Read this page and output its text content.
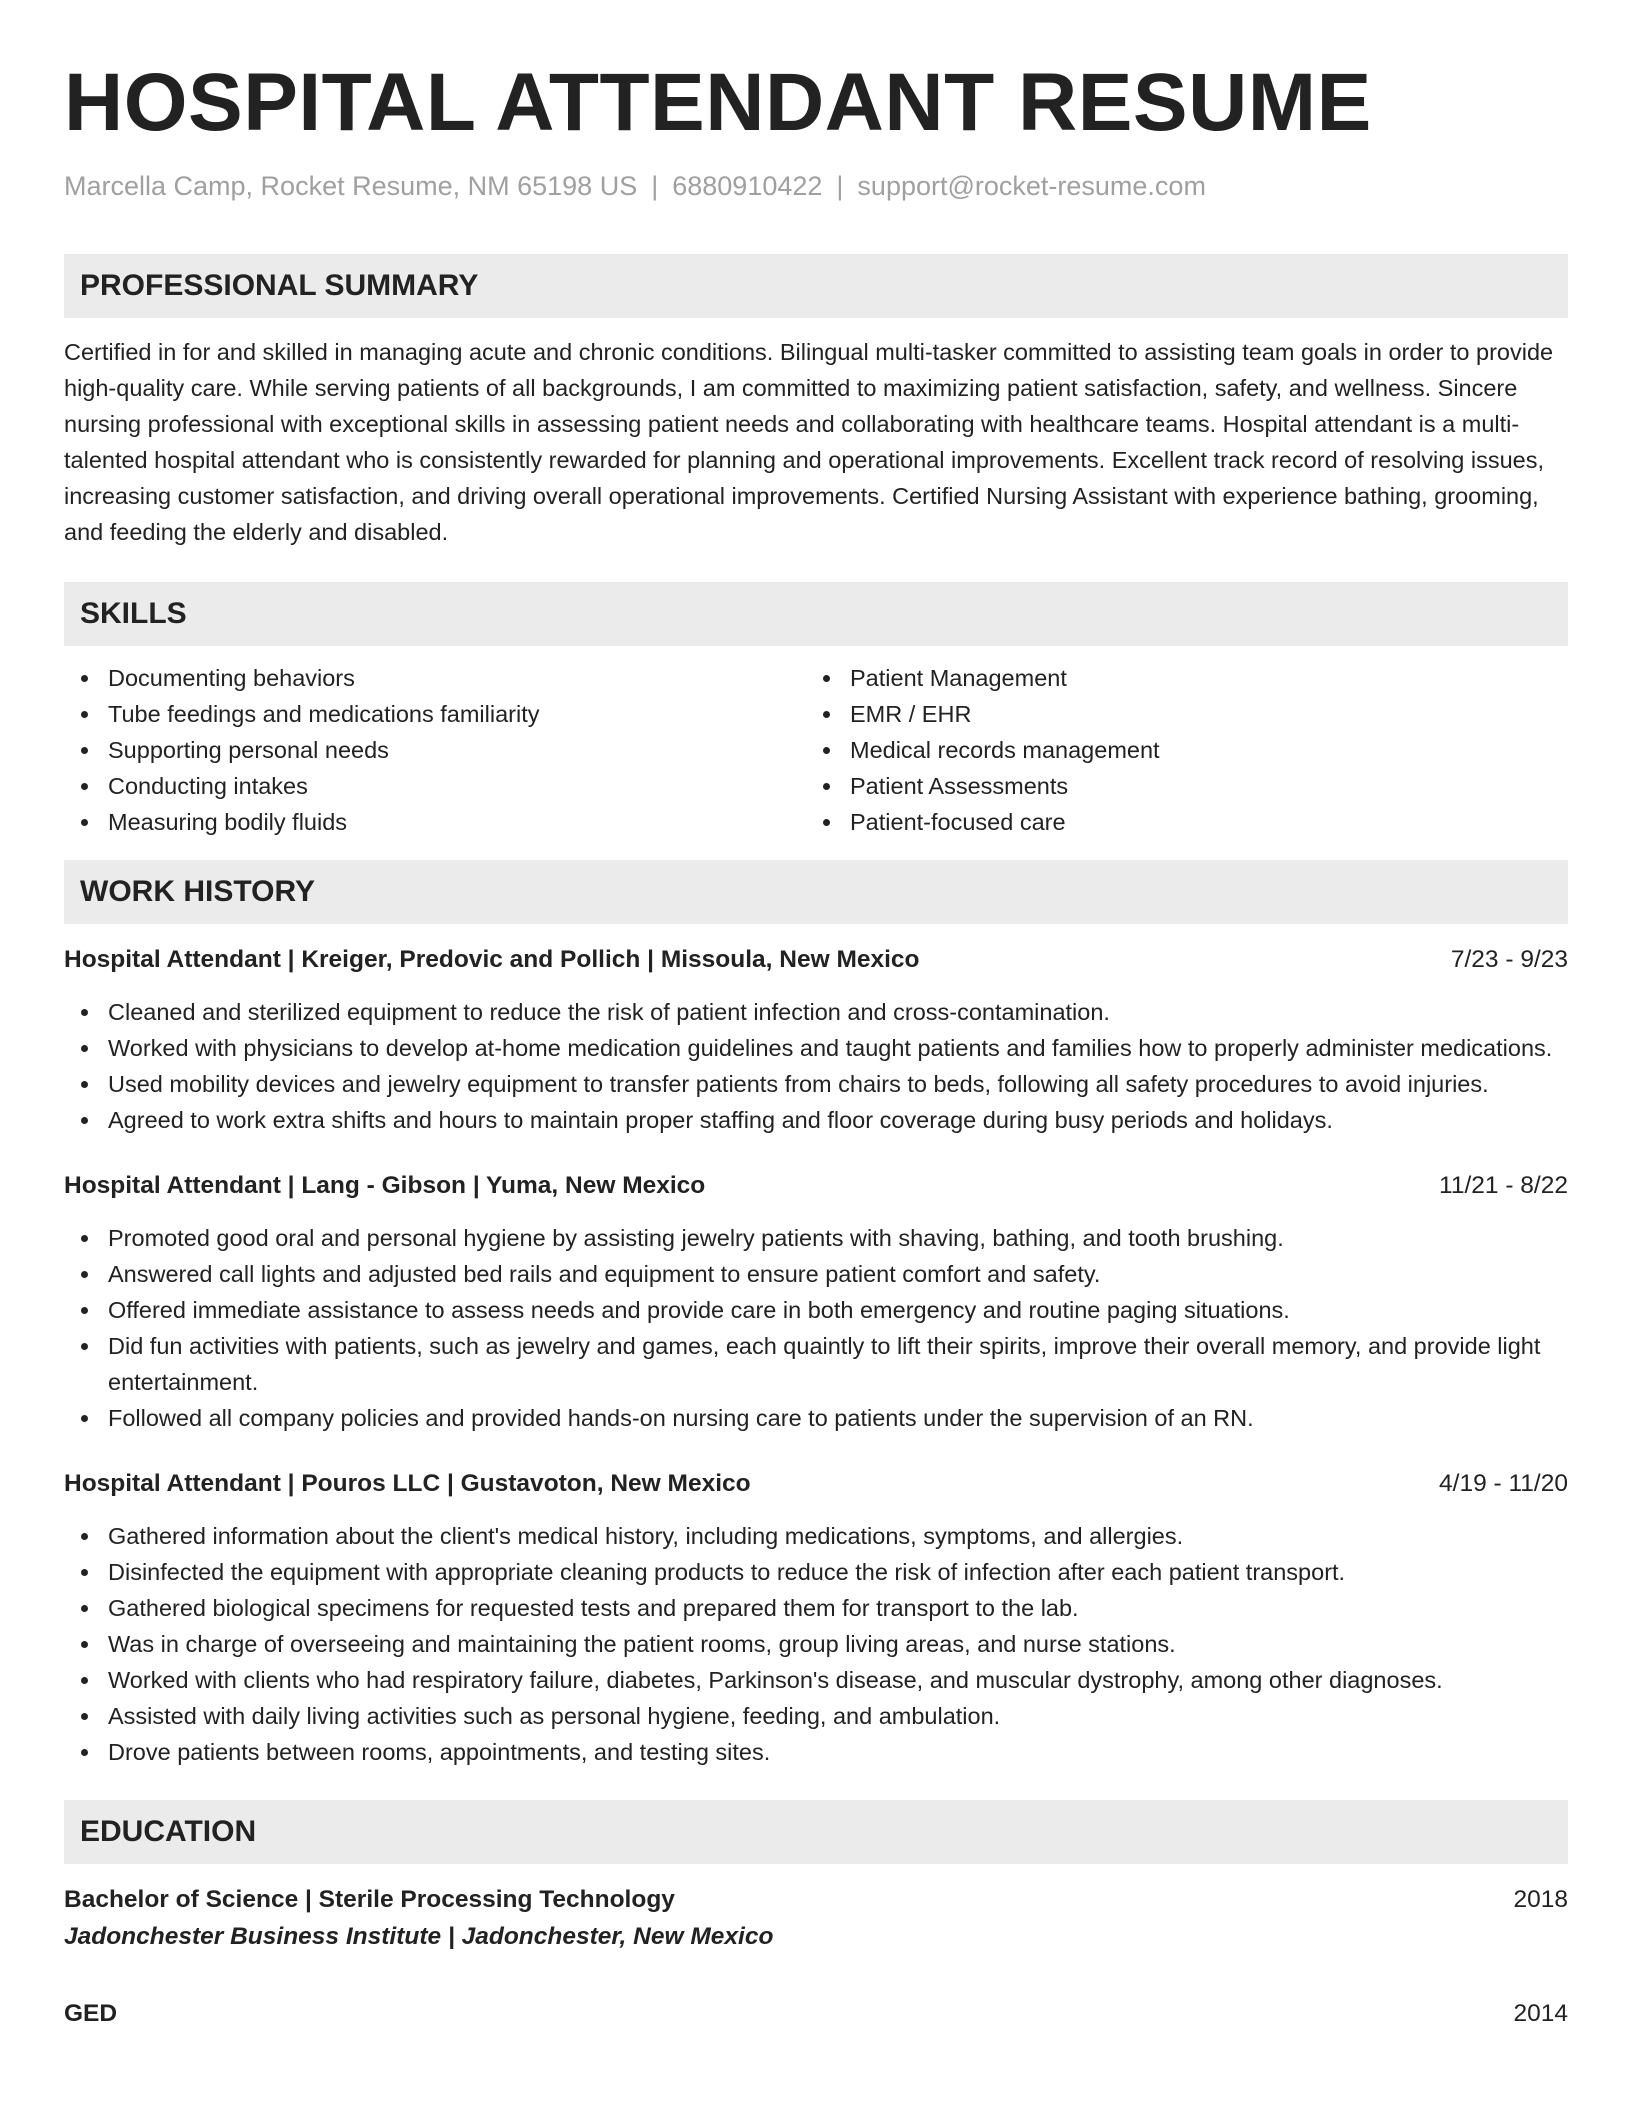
HOSPITAL ATTENDANT RESUME
Marcella Camp, Rocket Resume, NM 65198 US | 6880910422 | support@rocket-resume.com
PROFESSIONAL SUMMARY

Certified in for and skilled in managing acute and chronic conditions. Bilingual multi-tasker committed to assisting team goals in order to provide high-quality care. While serving patients of all backgrounds, I am committed to maximizing patient satisfaction, safety, and wellness. Sincere nursing professional with exceptional skills in assessing patient needs and collaborating with healthcare teams. Hospital attendant is a multi-talented hospital attendant who is consistently rewarded for planning and operational improvements. Excellent track record of resolving issues, increasing customer satisfaction, and driving overall operational improvements. Certified Nursing Assistant with experience bathing, grooming, and feeding the elderly and disabled.

SKILLS
Documenting behaviors
Tube feedings and medications familiarity
Supporting personal needs
Conducting intakes
Measuring bodily fluids
Patient Management
EMR / EHR
Medical records management
Patient Assessments
Patient-focused care
WORK HISTORY
Hospital Attendant | Kreiger, Predovic and Pollich | Missoula, New Mexico	7/23 - 9/23
Cleaned and sterilized equipment to reduce the risk of patient infection and cross-contamination.
Worked with physicians to develop at-home medication guidelines and taught patients and families how to properly administer medications.
Used mobility devices and jewelry equipment to transfer patients from chairs to beds, following all safety procedures to avoid injuries.
Agreed to work extra shifts and hours to maintain proper staffing and floor coverage during busy periods and holidays.
Hospital Attendant | Lang - Gibson | Yuma, New Mexico	11/21 - 8/22
Promoted good oral and personal hygiene by assisting jewelry patients with shaving, bathing, and tooth brushing.
Answered call lights and adjusted bed rails and equipment to ensure patient comfort and safety.
Offered immediate assistance to assess needs and provide care in both emergency and routine paging situations.
Did fun activities with patients, such as jewelry and games, each quaintly to lift their spirits, improve their overall memory, and provide light entertainment.
Followed all company policies and provided hands-on nursing care to patients under the supervision of an RN.
Hospital Attendant | Pouros LLC | Gustavoton, New Mexico	4/19 - 11/20
Gathered information about the client's medical history, including medications, symptoms, and allergies.
Disinfected the equipment with appropriate cleaning products to reduce the risk of infection after each patient transport.
Gathered biological specimens for requested tests and prepared them for transport to the lab.
Was in charge of overseeing and maintaining the patient rooms, group living areas, and nurse stations.
Worked with clients who had respiratory failure, diabetes, Parkinson's disease, and muscular dystrophy, among other diagnoses.
Assisted with daily living activities such as personal hygiene, feeding, and ambulation.
Drove patients between rooms, appointments, and testing sites.
EDUCATION
Bachelor of Science | Sterile Processing Technology	2018
Jadonchester Business Institute | Jadonchester, New Mexico
GED	2014
